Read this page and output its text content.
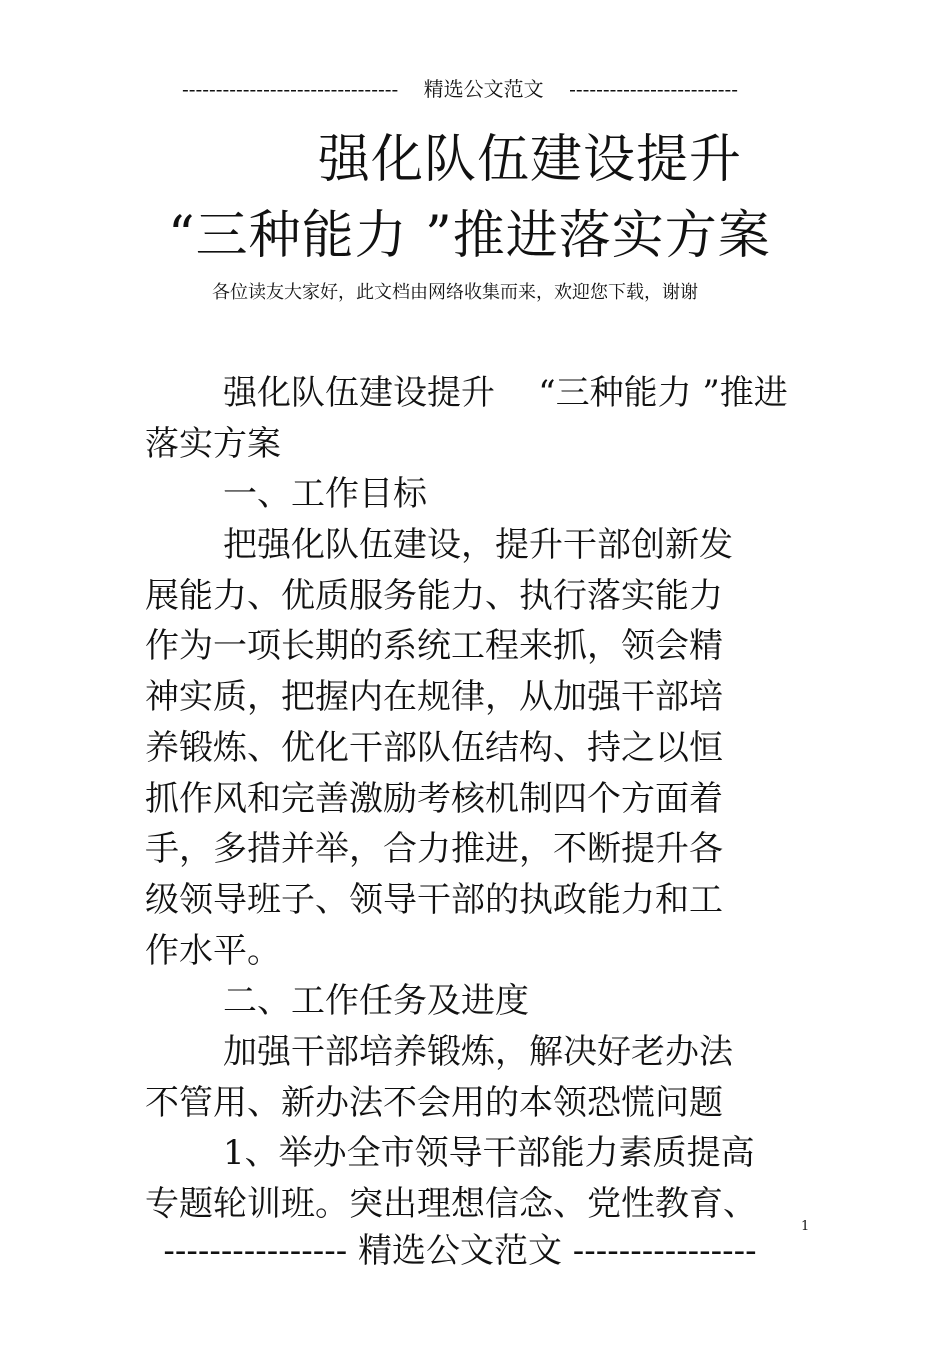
--------------------------------    精选公文范文    -------------------------
强化队伍建设提升
“三种能力 ”推进落实方案
各位读友大家好，此文档由网络收集而来，欢迎您下载，谢谢
强化队伍建设提升    “三种能力 ”推进
落实方案
一、工作目标
把强化队伍建设，提升干部创新发
展能力、优质服务能力、执行落实能力
作为一项长期的系统工程来抓，领会精
神实质，把握内在规律，从加强干部培
养锻炼、优化干部队伍结构、持之以恒
抓作风和完善激励考核机制四个方面着
手，多措并举，合力推进，不断提升各
级领导班子、领导干部的执政能力和工
作水平。
二、工作任务及进度
加强干部培养锻炼，解决好老办法
不管用、新办法不会用的本领恐慌问题
1、举办全市领导干部能力素质提高
专题轮训班。突出理想信念、党性教育、
1
---------------- 精选公文范文 ----------------
